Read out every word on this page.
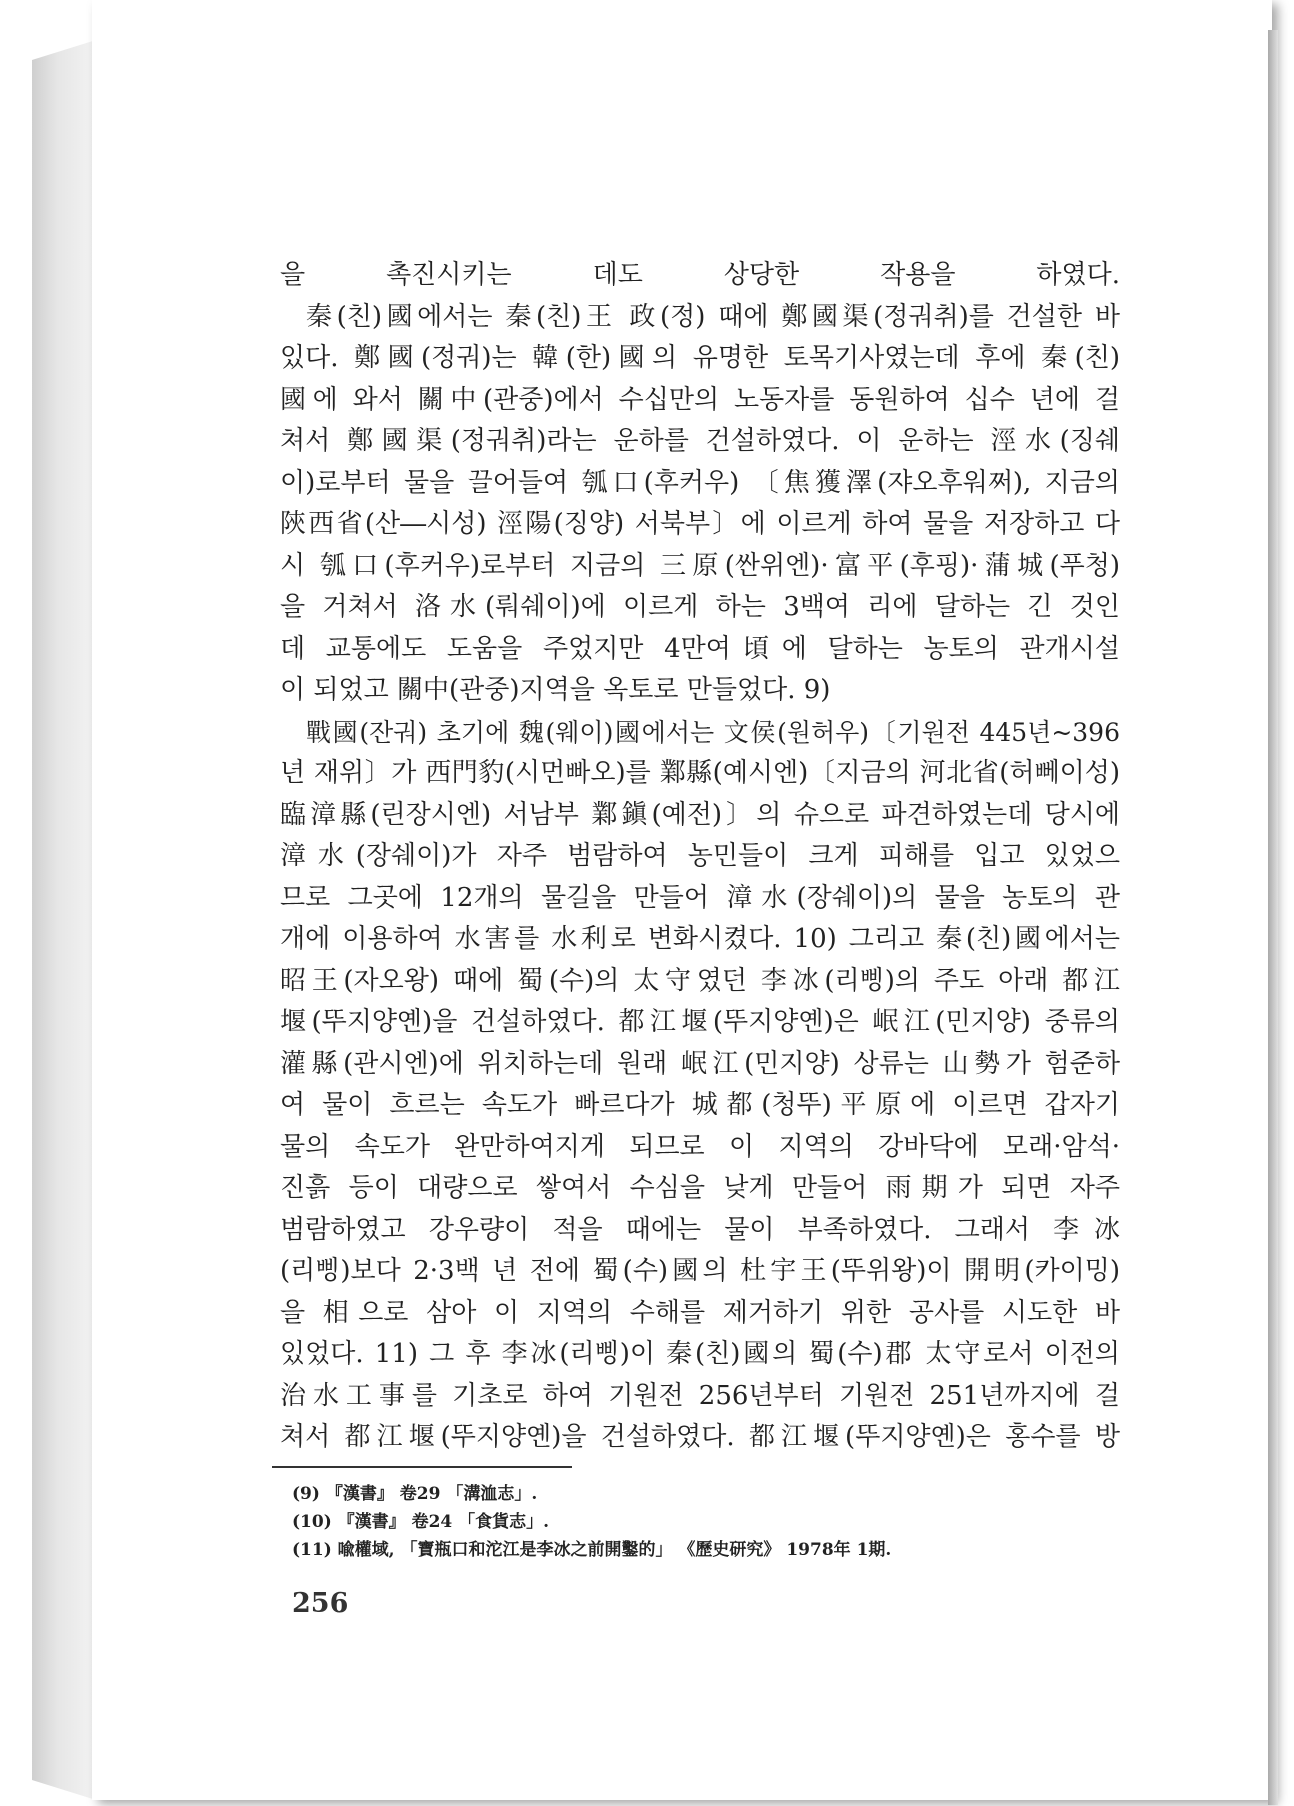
을 촉진시키는 데도 상당한 작용을 하였다.
秦(친)國에서는 秦(친)王 政(정) 때에 鄭國渠(정궈취)를 건설한 바
있다. 鄭國(정궈)는 韓(한)國의 유명한 토목기사였는데 후에 秦(친)
國에 와서 關中(관중)에서 수십만의 노동자를 동원하여 십수 년에 걸
쳐서 鄭國渠(정궈취)라는 운하를 건설하였다. 이 운하는 涇水(징쉐
이)로부터 물을 끌어들여 瓠口(후커우) 〔焦獲澤(쟈오후워쩌), 지금의
陝西省(산―시성) 涇陽(징양) 서북부〕에 이르게 하여 물을 저장하고 다
시 瓠口(후커우)로부터 지금의 三原(싼위엔)·富平(후핑)·蒲城(푸청)
을 거쳐서 洛水(뤄쉐이)에 이르게 하는 3백여 리에 달하는 긴 것인
데 교통에도 도움을 주었지만 4만여頃에 달하는 농토의 관개시설
이 되었고 關中(관중)지역을 옥토로 만들었다. 9)
戰國(잔궈) 초기에 魏(웨이)國에서는 文侯(원허우)〔기원전 445년~396
년 재위〕가 西門豹(시먼빠오)를 鄴縣(예시엔)〔지금의 河北省(허뻬이성)
臨漳縣(린장시엔) 서남부 鄴鎭(예전)〕의 슈으로 파견하였는데 당시에
漳水(장쉐이)가 자주 범람하여 농민들이 크게 피해를 입고 있었으
므로 그곳에 12개의 물길을 만들어 漳水(장쉐이)의 물을 농토의 관
개에 이용하여 水害를 水利로 변화시켰다. 10) 그리고 秦(친)國에서는
昭王(자오왕) 때에 蜀(수)의 太守였던 李冰(리삥)의 주도 아래 都江
堰(뚜지양옌)을 건설하였다. 都江堰(뚜지양옌)은 岷江(민지양) 중류의
灌縣(관시엔)에 위치하는데 원래 岷江(민지양) 상류는 山勢가 험준하
여 물이 흐르는 속도가 빠르다가 城都(청뚜)平原에 이르면 갑자기
물의 속도가 완만하여지게 되므로 이 지역의 강바닥에 모래·암석·
진흙 등이 대량으로 쌓여서 수심을 낮게 만들어 雨期가 되면 자주
범람하였고 강우량이 적을 때에는 물이 부족하였다. 그래서 李冰
(리삥)보다 2·3백 년 전에 蜀(수)國의 杜宇王(뚜위왕)이 開明(카이밍)
을 相으로 삼아 이 지역의 수해를 제거하기 위한 공사를 시도한 바
있었다. 11) 그 후 李冰(리삥)이 秦(친)國의 蜀(수)郡 太守로서 이전의
治水工事를 기초로 하여 기원전 256년부터 기원전 251년까지에 걸
쳐서 都江堰(뚜지양옌)을 건설하였다. 都江堰(뚜지양옌)은 홍수를 방
(9) 『漢書』 卷29 「溝洫志」.
(10) 『漢書』 卷24 「食貨志」.
(11) 喩權域, 「寶瓶口和沱江是李冰之前開鑿的」 《歷史研究》 1978年 1期.
256
